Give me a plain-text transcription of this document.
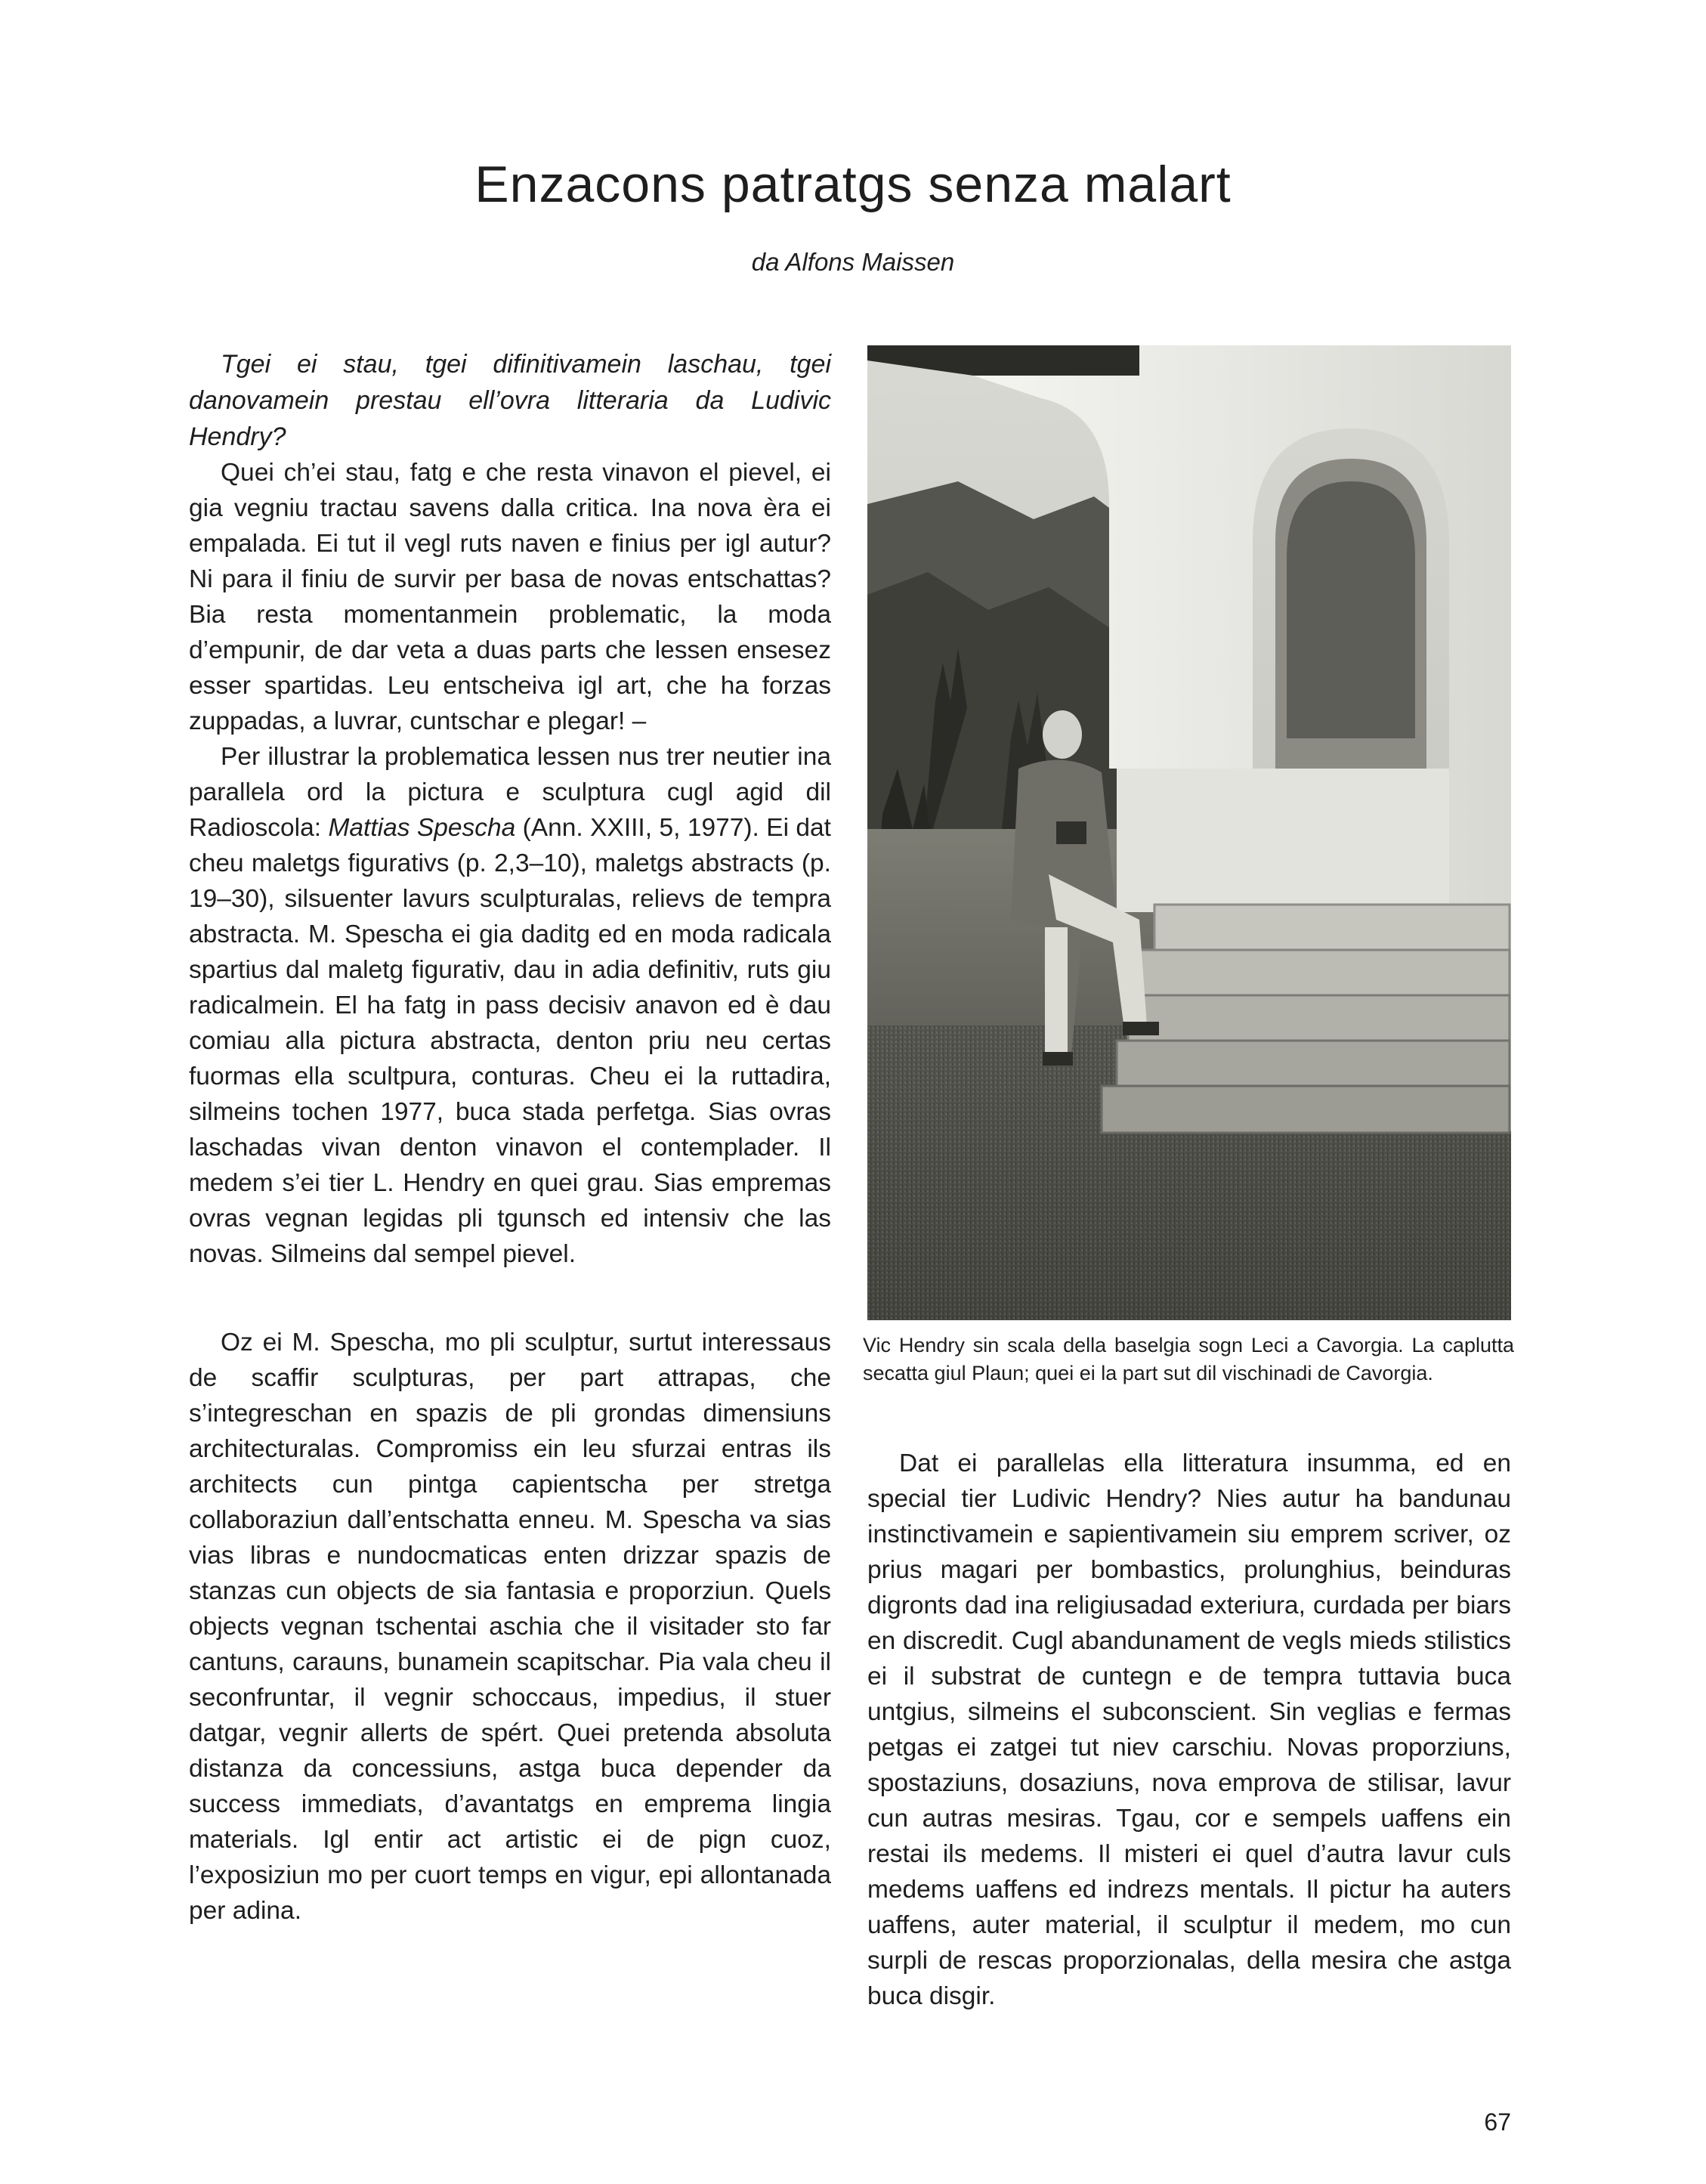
Enzacons patratgs senza malart
da Alfons Maissen

Tgei ei stau, tgei difinitivamein laschau, tgei danovamein prestau ell’ovra litteraria da Ludivic Hendry?

Quei ch’ei stau, fatg e che resta vinavon el pievel, ei gia vegniu tractau savens dalla critica. Ina nova èra ei empalada. Ei tut il vegl ruts naven e finius per igl autur? Ni para il finiu de survir per basa de novas entschattas? Bia resta momentanmein problematic, la moda d’empunir, de dar veta a duas parts che lessen ensesez esser spartidas. Leu entscheiva igl art, che ha forzas zuppadas, a luvrar, cuntschar e plegar! –

Per illustrar la problematica lessen nus trer neutier ina parallela ord la pictura e sculptura cugl agid dil Radioscola: Mattias Spescha (Ann. XXIII, 5, 1977). Ei dat cheu maletgs figurativs (p. 2,3–10), maletgs abstracts (p. 19–30), silsuenter lavurs sculpturalas, relievs de tempra abstracta. M. Spescha ei gia daditg ed en moda radicala spartius dal maletg figurativ, dau in adia definitiv, ruts giu radicalmein. El ha fatg in pass decisiv anavon ed è dau comiau alla pictura abstracta, denton priu neu certas fuormas ella scultpura, conturas. Cheu ei la ruttadira, silmeins tochen 1977, buca stada perfetga. Sias ovras laschadas vivan denton vinavon el contemplader. Il medem s’ei tier L. Hendry en quei grau. Sias empremas ovras vegnan legidas pli tgunsch ed intensiv che las novas. Silmeins dal sempel pievel.

Oz ei M. Spescha, mo pli sculptur, surtut interessaus de scaffir sculpturas, per part attrapas, che s’integreschan en spazis de pli grondas dimensiuns architecturalas. Compromiss ein leu sfurzai entras ils architects cun pintga capientscha per stretga collaboraziun dall’entschatta enneu. M. Spescha va sias vias libras e nundocmaticas enten drizzar spazis de stanzas cun objects de sia fantasia e proporziun. Quels objects vegnan tschentai aschia che il visitader sto far cantuns, carauns, bunamein scapitschar. Pia vala cheu il seconfruntar, il vegnir schoccaus, impedius, il stuer datgar, vegnir allerts de spért. Quei pretenda absoluta distanza da concessiuns, astga buca depender da success immediats, d’avantatgs en emprema lingia materials. Igl entir act artistic ei de pign cuoz, l’exposiziun mo per cuort temps en vigur, epi allontanada per adina.

Vic Hendry sin scala della baselgia sogn Leci a Cavorgia. La caplutta secatta giul Plaun; quei ei la part sut dil vischinadi de Cavorgia.

Dat ei parallelas ella litteratura insumma, ed en special tier Ludivic Hendry? Nies autur ha bandunau instinctivamein e sapientivamein siu emprem scriver, oz prius magari per bombastics, prolunghius, beinduras digronts dad ina religiusadad exteriura, curdada per biars en discredit. Cugl abandunament de vegls mieds stilistics ei il substrat de cuntegn e de tempra tuttavia buca untgius, silmeins el subconscient. Sin veglias e fermas petgas ei zatgei tut niev carschiu. Novas proporziuns, spostaziuns, dosaziuns, nova emprova de stilisar, lavur cun autras mesiras. Tgau, cor e sempels uaffens ein restai ils medems. Il misteri ei quel d’autra lavur culs medems uaffens ed indrezs mentals. Il pictur ha auters uaffens, auter material, il sculptur il medem, mo cun surpli de rescas proporzionalas, della mesira che astga buca disgir.

67
